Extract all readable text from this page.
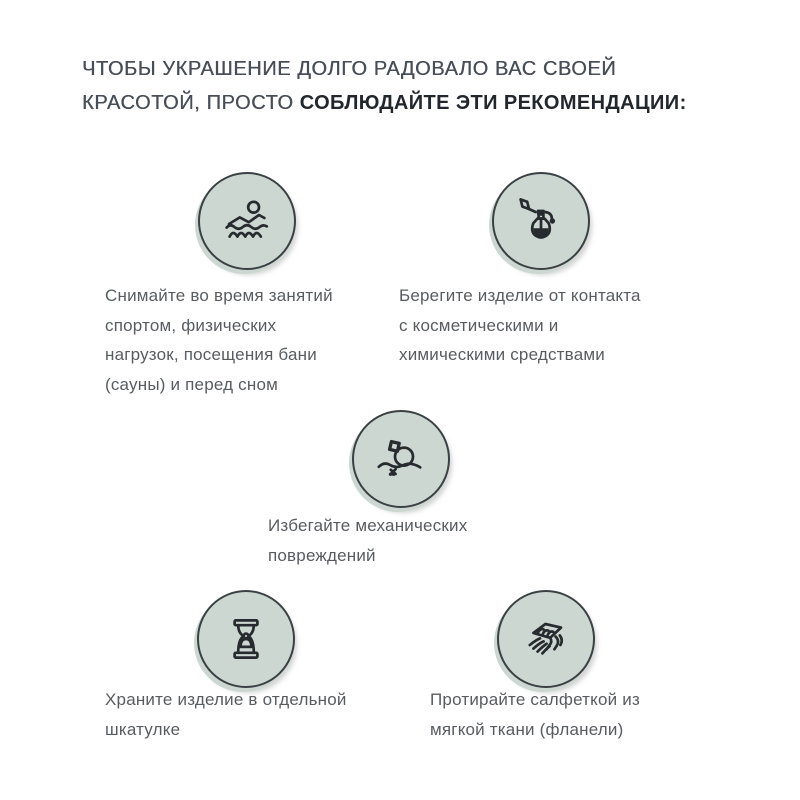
ЧТОБЫ УКРАШЕНИЕ ДОЛГО РАДОВАЛО ВАС СВОЕЙ
КРАСОТОЙ, ПРОСТО СОБЛЮДАЙТЕ ЭТИ РЕКОМЕНДАЦИИ:
Снимайте во время занятий
спортом, физических
нагрузок, посещения бани
(сауны) и перед сном
Берегите изделие от контакта
с косметическими и
химическими средствами
Избегайте механических
повреждений
Храните изделие в отдельной
шкатулке
Протирайте салфеткой из
мягкой ткани (фланели)
